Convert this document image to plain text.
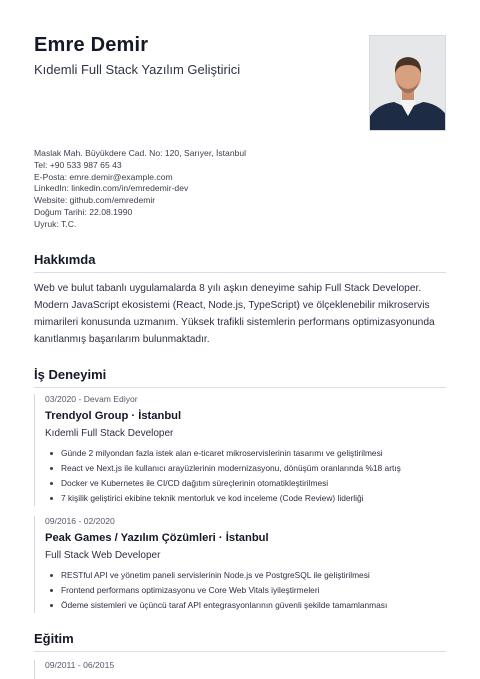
Emre Demir
Kıdemli Full Stack Yazılım Geliştirici
Maslak Mah. Büyükdere Cad. No: 120, Sarıyer, İstanbul
Tel: +90 533 987 65 43
E-Posta: emre.demir@example.com
LinkedIn: linkedin.com/in/emredemir-dev
Website: github.com/emredemir
Doğum Tarihi: 22.08.1990
Uyruk: T.C.
Hakkımda
Web ve bulut tabanlı uygulamalarda 8 yılı aşkın deneyime sahip Full Stack Developer. Modern JavaScript ekosistemi (React, Node.js, TypeScript) ve ölçeklenebilir mikroservis mimarileri konusunda uzmanım. Yüksek trafikli sistemlerin performans optimizasyonunda kanıtlanmış başarılarım bulunmaktadır.
İş Deneyimi
03/2020 - Devam Ediyor
Trendyol Group · İstanbul
Kıdemli Full Stack Developer
Günde 2 milyondan fazla istek alan e-ticaret mikroservislerinin tasarımı ve geliştirilmesi
React ve Next.js ile kullanıcı arayüzlerinin modernizasyonu, dönüşüm oranlarında %18 artış
Docker ve Kubernetes ile CI/CD dağıtım süreçlerinin otomatikleştirilmesi
7 kişilik geliştirici ekibine teknik mentorluk ve kod inceleme (Code Review) liderliği
09/2016 - 02/2020
Peak Games / Yazılım Çözümleri · İstanbul
Full Stack Web Developer
RESTful API ve yönetim paneli servislerinin Node.js ve PostgreSQL ile geliştirilmesi
Frontend performans optimizasyonu ve Core Web Vitals iyileştirmeleri
Ödeme sistemleri ve üçüncü taraf API entegrasyonlarının güvenli şekilde tamamlanması
Eğitim
09/2011 - 06/2015
